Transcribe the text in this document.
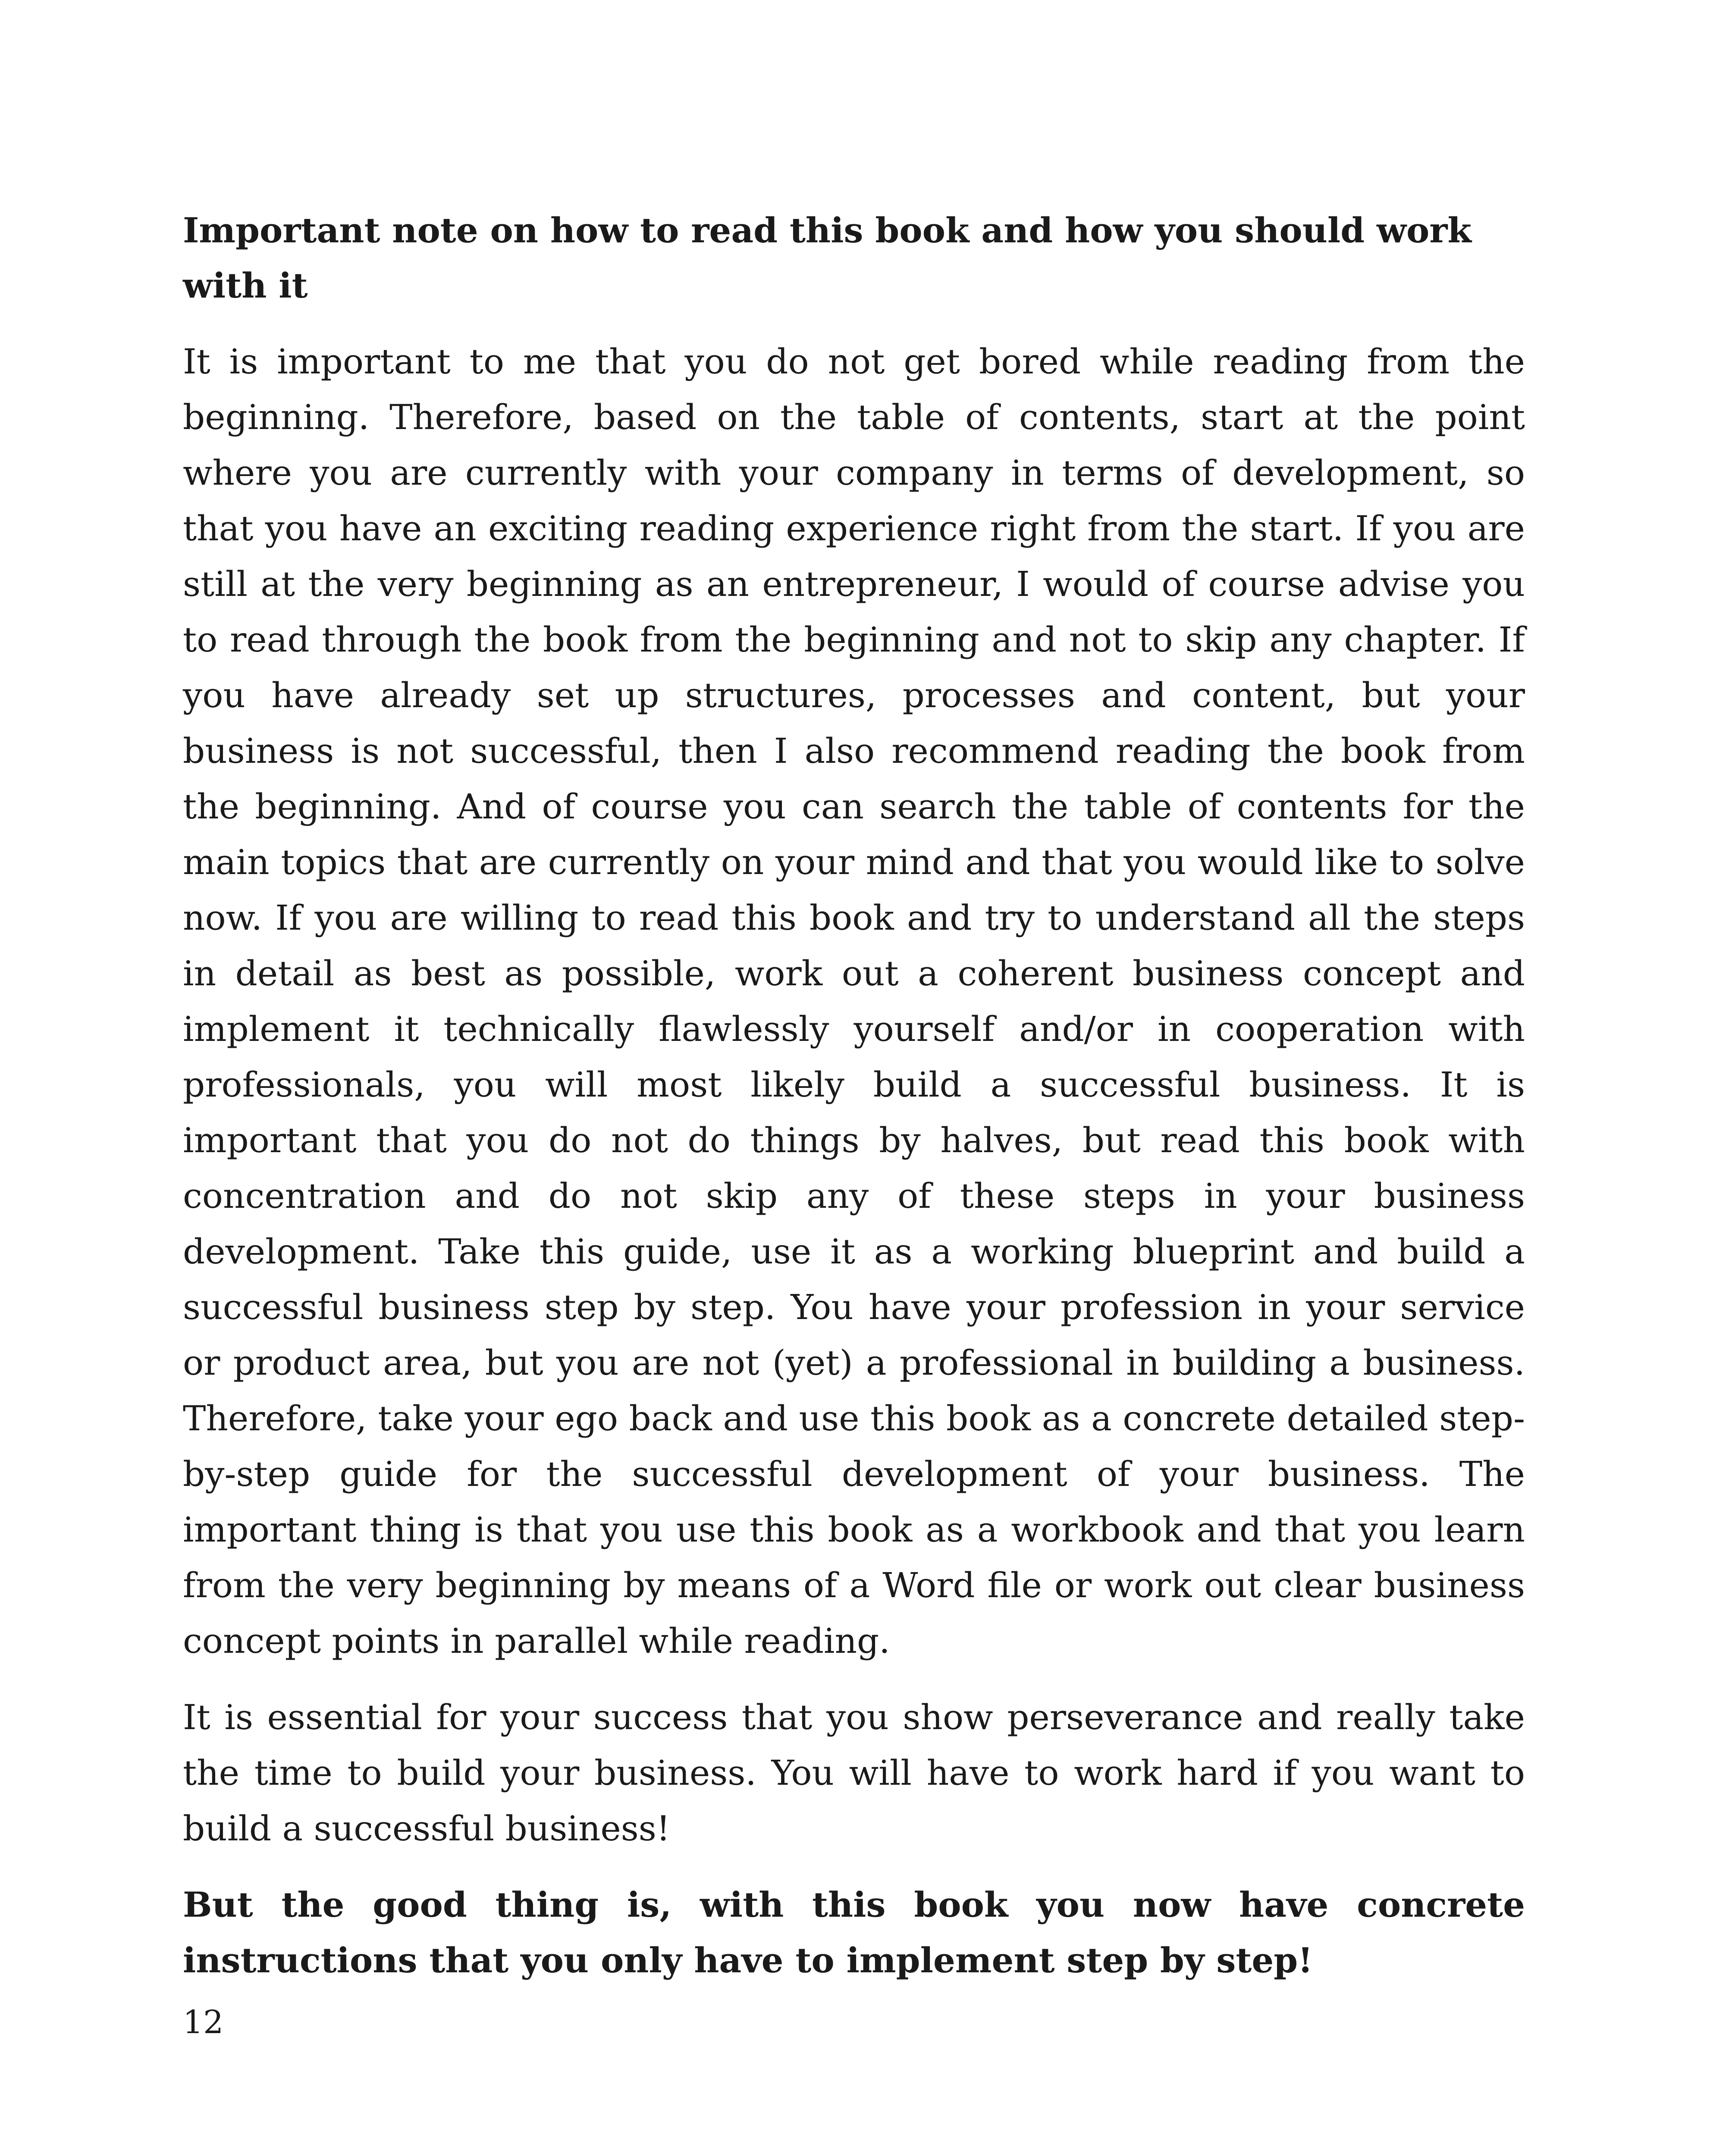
Important note on how to read this book and how you should work with it

It is important to me that you do not get bored while reading from the beginning. Therefore, based on the table of contents, start at the point where you are currently with your company in terms of development, so that you have an exciting reading experience right from the start. If you are still at the very beginning as an entrepreneur, I would of course advise you to read through the book from the beginning and not to skip any chapter. If you have already set up structures, processes and content, but your business is not successful, then I also recommend reading the book from the beginning. And of course you can search the table of contents for the main topics that are currently on your mind and that you would like to solve now. If you are willing to read this book and try to understand all the steps in detail as best as possible, work out a coherent business concept and implement it technically flawlessly yourself and/or in cooperation with professionals, you will most likely build a successful business. It is important that you do not do things by halves, but read this book with concentration and do not skip any of these steps in your business development. Take this guide, use it as a working blueprint and build a successful business step by step. You have your profession in your service or product area, but you are not (yet) a professional in building a business. Therefore, take your ego back and use this book as a concrete detailed step-by-step guide for the successful development of your business. The important thing is that you use this book as a workbook and that you learn from the very beginning by means of a Word file or work out clear business concept points in parallel while reading.

It is essential for your success that you show perseverance and really take the time to build your business. You will have to work hard if you want to build a successful business!

But the good thing is, with this book you now have concrete instructions that you only have to implement step by step!

12
